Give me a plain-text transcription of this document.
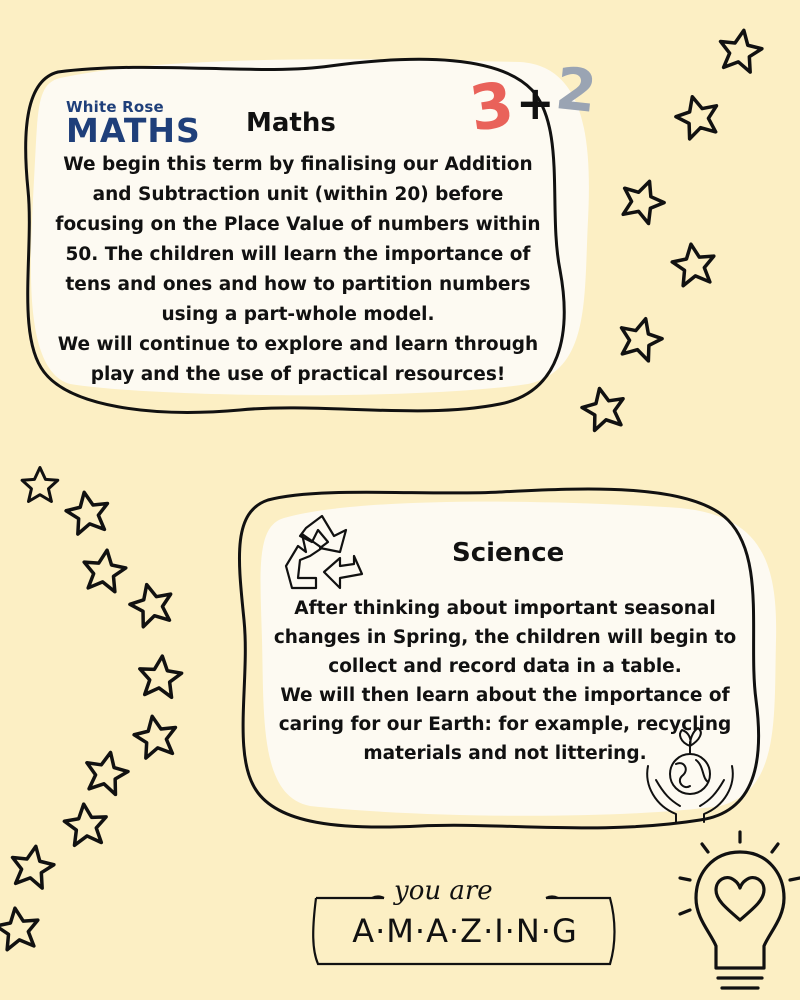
White Rose
MATHS	3
+
2
Maths

We begin this term by finalising our Addition and Subtraction unit (within 20) before focusing on the Place Value of numbers within 50. The children will learn the importance of tens and ones and how to partition numbers using a part-whole model.

We will continue to explore and learn through play and the use of practical resources!

Science

After thinking about important seasonal changes in Spring, the children will begin to collect and record data in a table.

We will then learn about the importance of caring for our Earth: for example, recycling materials and not littering.

you are
A·M·A·Z·I·N·G
